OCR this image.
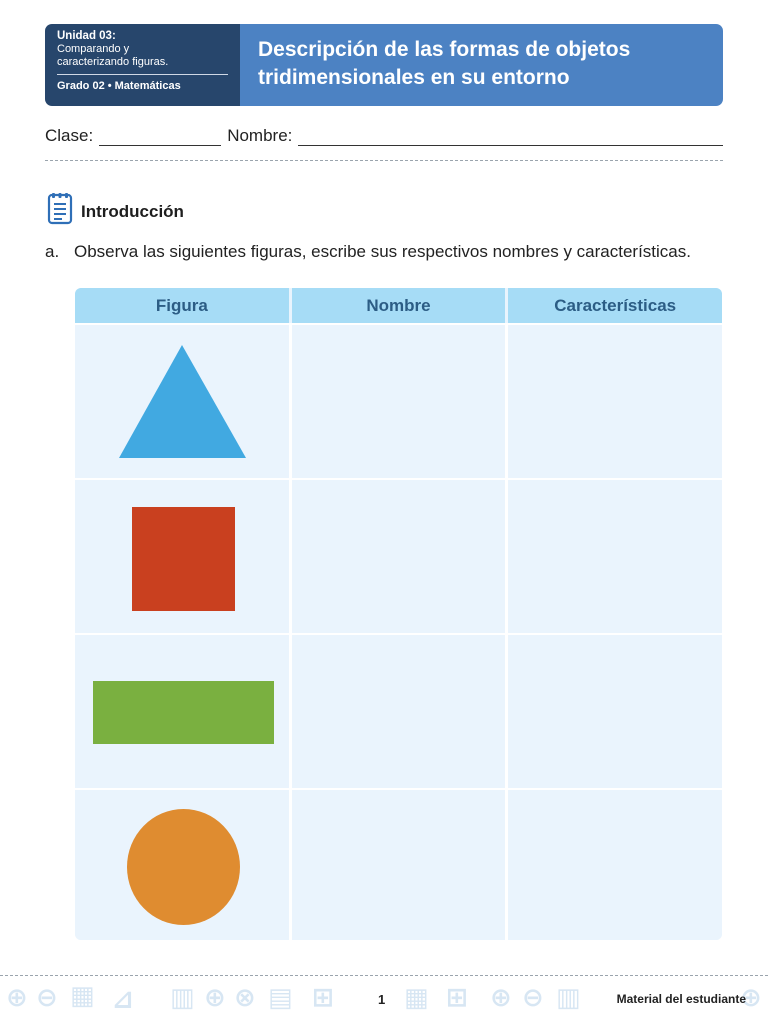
Unidad 03:
Comparando y
caracterizando figuras.
Grado 02 • Matemáticas
Descripción de las formas de objetos
tridimensionales en su entorno
Clase:	Nombre:
Introducción
a. Observa las siguientes figuras, escribe sus respectivos nombres y características.
Figura	Nombre	Características
⊕ ⊖ ▦ ⊿ ▥ ⊕ ⊗ ▤ ⊞	▦ ⊞ ⊕ ⊖ ▥	⊕
1	Material del estudiante
